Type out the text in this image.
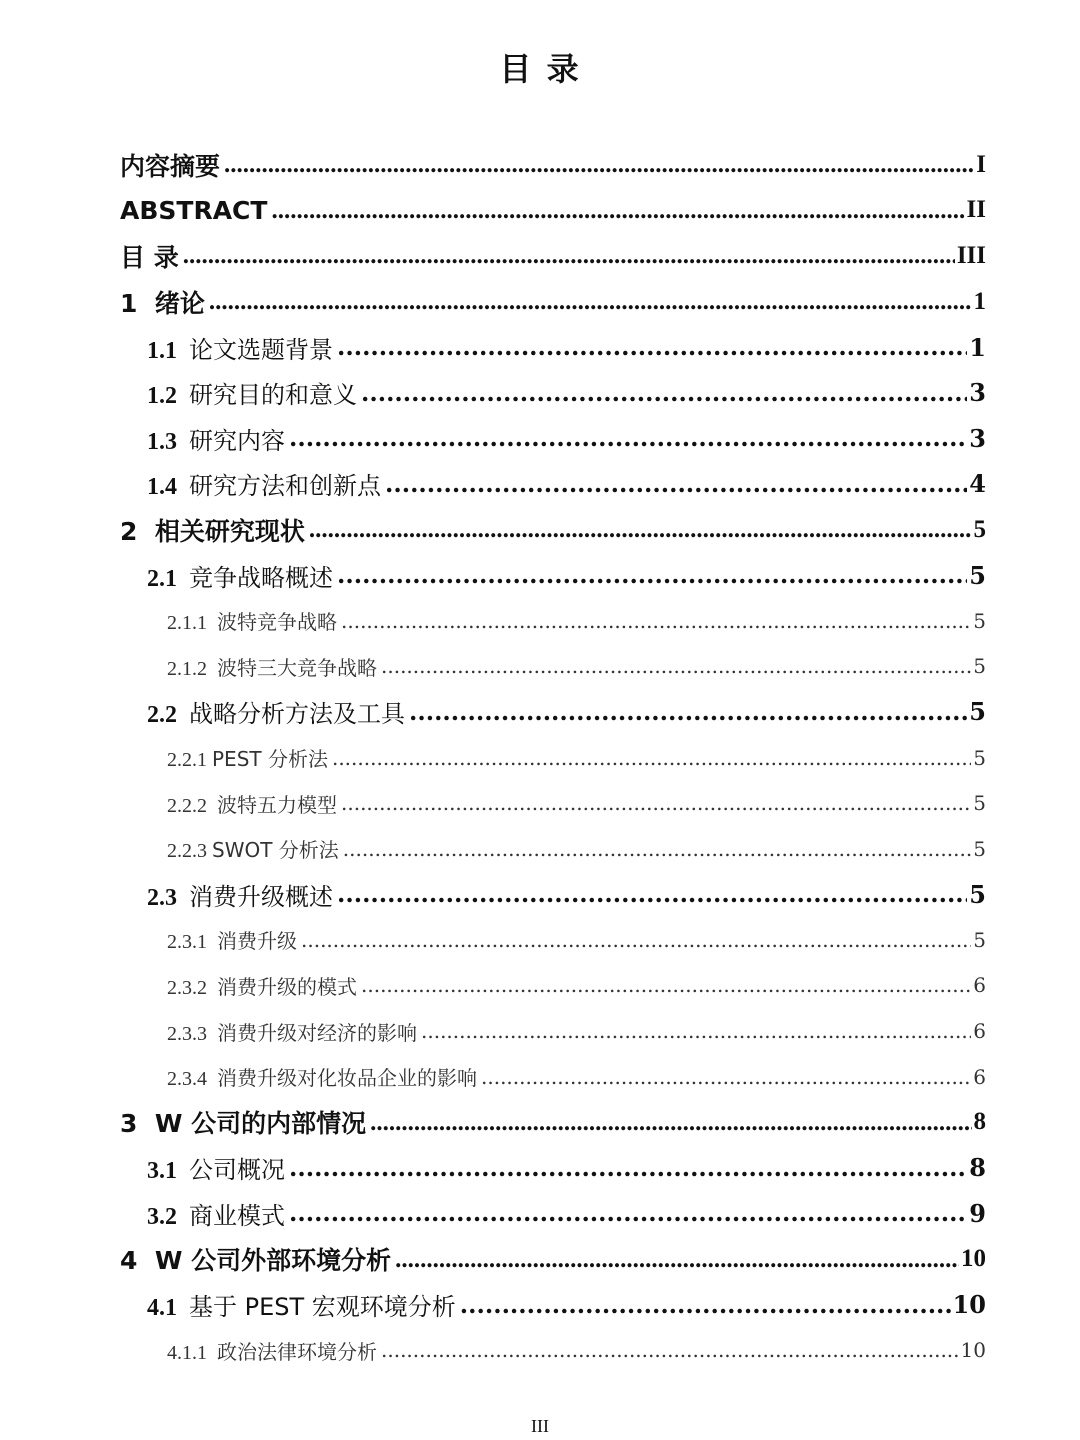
目 录
内容摘要 .....	I
ABSTRACT .....	II
目 录 .....	III
1 绪论 .....	1
1.1 论文选题背景 .....	1
1.2 研究目的和意义 .....	3
1.3 研究内容 .....	3
1.4 研究方法和创新点 .....	4
2 相关研究现状 .....	5
2.1 竞争战略概述 .....	5
2.1.1 波特竞争战略 .....	5
2.1.2 波特三大竞争战略 .....	5
2.2 战略分析方法及工具 .....	5
2.2.1 PEST 分析法 .....	5
2.2.2 波特五力模型 .....	5
2.2.3 SWOT 分析法 .....	5
2.3 消费升级概述 .....	5
2.3.1 消费升级 .....	5
2.3.2 消费升级的模式 .....	6
2.3.3 消费升级对经济的影响 .....	6
2.3.4 消费升级对化妆品企业的影响 .....	6
3 W 公司的内部情况 .....	8
3.1 公司概况 .....	8
3.2 商业模式 .....	9
4 W 公司外部环境分析 .....	10
4.1 基于 PEST 宏观环境分析 .....	10
4.1.1 政治法律环境分析 .....	10
III
